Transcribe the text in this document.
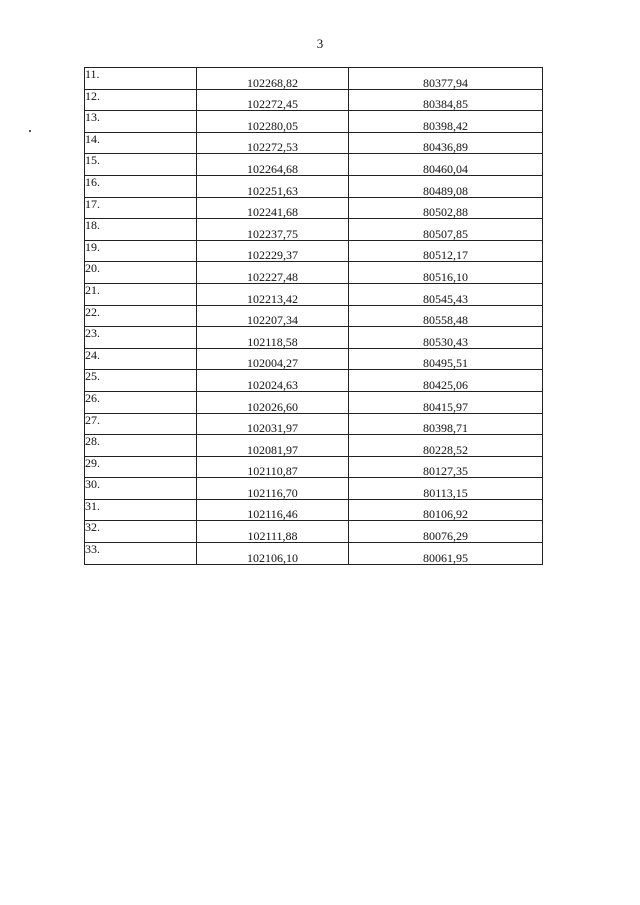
3
11.	102268,82	80377,94
12.	102272,45	80384,85
13.	102280,05	80398,42
14.	102272,53	80436,89
15.	102264,68	80460,04
16.	102251,63	80489,08
17.	102241,68	80502,88
18.	102237,75	80507,85
19.	102229,37	80512,17
20.	102227,48	80516,10
21.	102213,42	80545,43
22.	102207,34	80558,48
23.	102118,58	80530,43
24.	102004,27	80495,51
25.	102024,63	80425,06
26.	102026,60	80415,97
27.	102031,97	80398,71
28.	102081,97	80228,52
29.	102110,87	80127,35
30.	102116,70	80113,15
31.	102116,46	80106,92
32.	102111,88	80076,29
33.	102106,10	80061,95
